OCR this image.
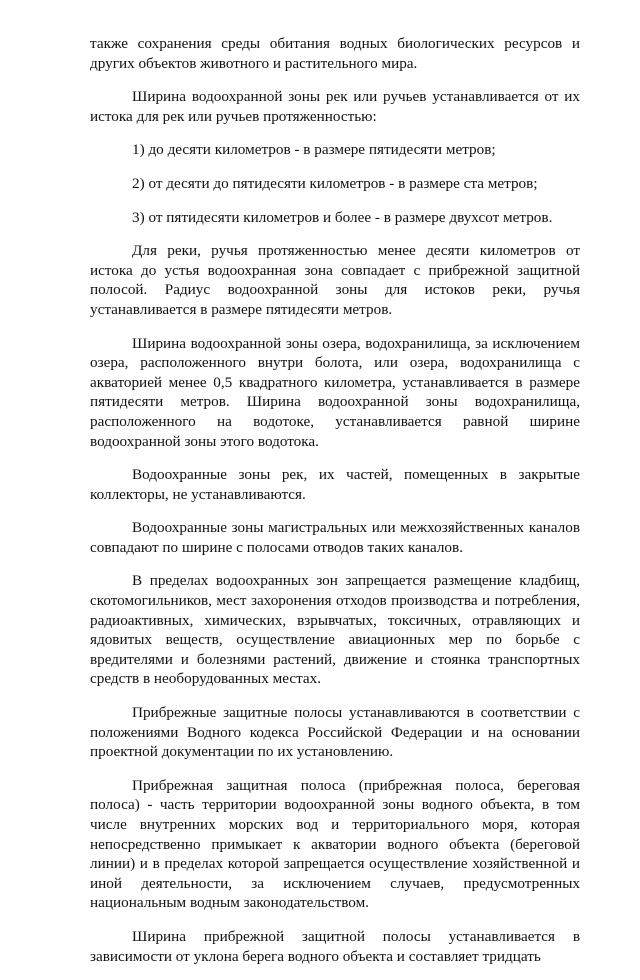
также сохранения среды обитания водных биологических ресурсов и других объектов животного и растительного мира.

Ширина водоохранной зоны рек или ручьев устанавливается от их истока для рек или ручьев протяженностью:

1) до десяти километров - в размере пятидесяти метров;

2) от десяти до пятидесяти километров - в размере ста метров;

3) от пятидесяти километров и более - в размере двухсот метров.

Для реки, ручья протяженностью менее десяти километров от истока до устья водоохранная зона совпадает с прибрежной защитной полосой. Радиус водоохранной зоны для истоков реки, ручья устанавливается в размере пятидесяти метров.

Ширина водоохранной зоны озера, водохранилища, за исключением озера, расположенного внутри болота, или озера, водохранилища с акваторией менее 0,5 квадратного километра, устанавливается в размере пятидесяти метров. Ширина водоохранной зоны водохранилища, расположенного на водотоке, устанавливается равной ширине водоохранной зоны этого водотока.

Водоохранные зоны рек, их частей, помещенных в закрытые коллекторы, не устанавливаются.

Водоохранные зоны магистральных или межхозяйственных каналов совпадают по ширине с полосами отводов таких каналов.

В пределах водоохранных зон запрещается размещение кладбищ, скотомогильников, мест захоронения отходов производства и потребления, радиоактивных, химических, взрывчатых, токсичных, отравляющих и ядовитых веществ, осуществление авиационных мер по борьбе с вредителями и болезнями растений, движение и стоянка транспортных средств в необорудованных местах.

Прибрежные защитные полосы устанавливаются в соответствии с положениями Водного кодекса Российской Федерации и на основании проектной документации по их установлению.

Прибрежная защитная полоса (прибрежная полоса, береговая полоса) - часть территории водоохранной зоны водного объекта, в том числе внутренних морских вод и территориального моря, которая непосредственно примыкает к акватории водного объекта (береговой линии) и в пределах которой запрещается осуществление хозяйственной и иной деятельности, за исключением случаев, предусмотренных национальным водным законодательством.

Ширина прибрежной защитной полосы устанавливается в зависимости от уклона берега водного объекта и составляет тридцать
